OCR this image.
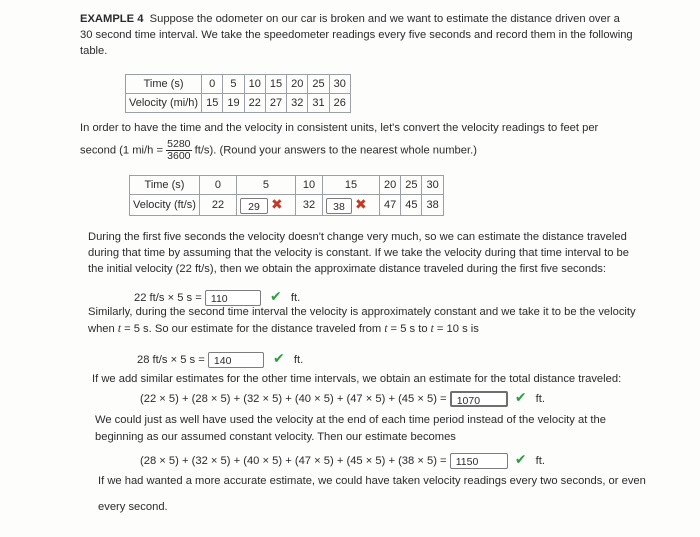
EXAMPLE 4 Suppose the odometer on our car is broken and we want to estimate the distance driven over a
30 second time interval. We take the speedometer readings every five seconds and record them in the following
table.
Time (s)	0	5	10	15	20	25	30
Velocity (mi/h)	15	19	22	27	32	31	26
In order to have the time and the velocity in consistent units, let's convert the velocity readings to feet per
second (1 $mi/h = \frac{5280}{3600} ft/s$). (Round your answers to the nearest whole number.)
Time (s)	0	5	10	15	20	25	30
Velocity (ft/s)	22	29 ✖	32	38 ✖	47	45	38
During the first five seconds the velocity doesn't change very much, so we can estimate the distance traveled
during that time by assuming that the velocity is constant. If we take the velocity during that time interval to be
the initial velocity (22 ft/s), then we obtain the approximate distance traveled during the first five seconds:
22 ft/s × 5 s = 110	✔ ft.
Similarly, during the second time interval the velocity is approximately constant and we take it to be the velocity
when t = 5 s. So our estimate for the distance traveled from t = 5 s to t = 10 s is
28 ft/s × 5 s = 140	✔ ft.
If we add similar estimates for the other time intervals, we obtain an estimate for the total distance traveled:
(22 × 5) + (28 × 5) + (32 × 5) + (40 × 5) + (47 × 5) + (45 × 5) = 1070 ✔ ft.
We could just as well have used the velocity at the end of each time period instead of the velocity at the
beginning as our assumed constant velocity. Then our estimate becomes
(28 × 5) + (32 × 5) + (40 × 5) + (47 × 5) + (45 × 5) + (38 × 5) = 1150	✔ ft.
If we had wanted a more accurate estimate, we could have taken velocity readings every two seconds, or even
every second.
